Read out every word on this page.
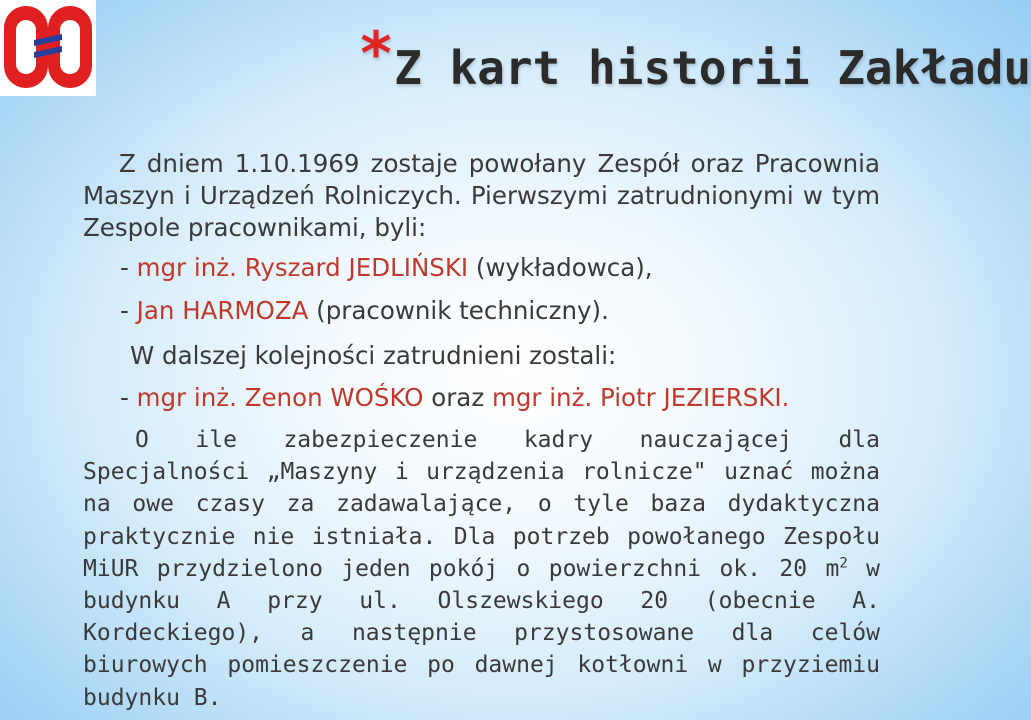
*Z kart historii Zakładu

Z dniem 1.10.1969 zostaje powołany Zespół oraz Pracownia Maszyn i Urządzeń Rolniczych. Pierwszymi zatrudnionymi w tym Zespole pracownikami, byli:

- mgr inż. Ryszard JEDLIŃSKI (wykładowca),

- Jan HARMOZA (pracownik techniczny).

W dalszej kolejności zatrudnieni zostali:

- mgr inż. Zenon WOŚKO oraz mgr inż. Piotr JEZIERSKI.

O ile zabezpieczenie kadry nauczającej dla Specjalności „Maszyny i urządzenia rolnicze" uznać można na owe czasy za zadawalające, o tyle baza dydaktyczna praktycznie nie istniała. Dla potrzeb powołanego Zespołu MiUR przydzielono jeden pokój o powierzchni ok. 20 $m^2$ w budynku A przy ul. Olszewskiego 20 (obecnie A. Kordeckiego), a następnie przystosowane dla celów biurowych pomieszczenie po dawnej kotłowni w przyziemiu budynku B.
